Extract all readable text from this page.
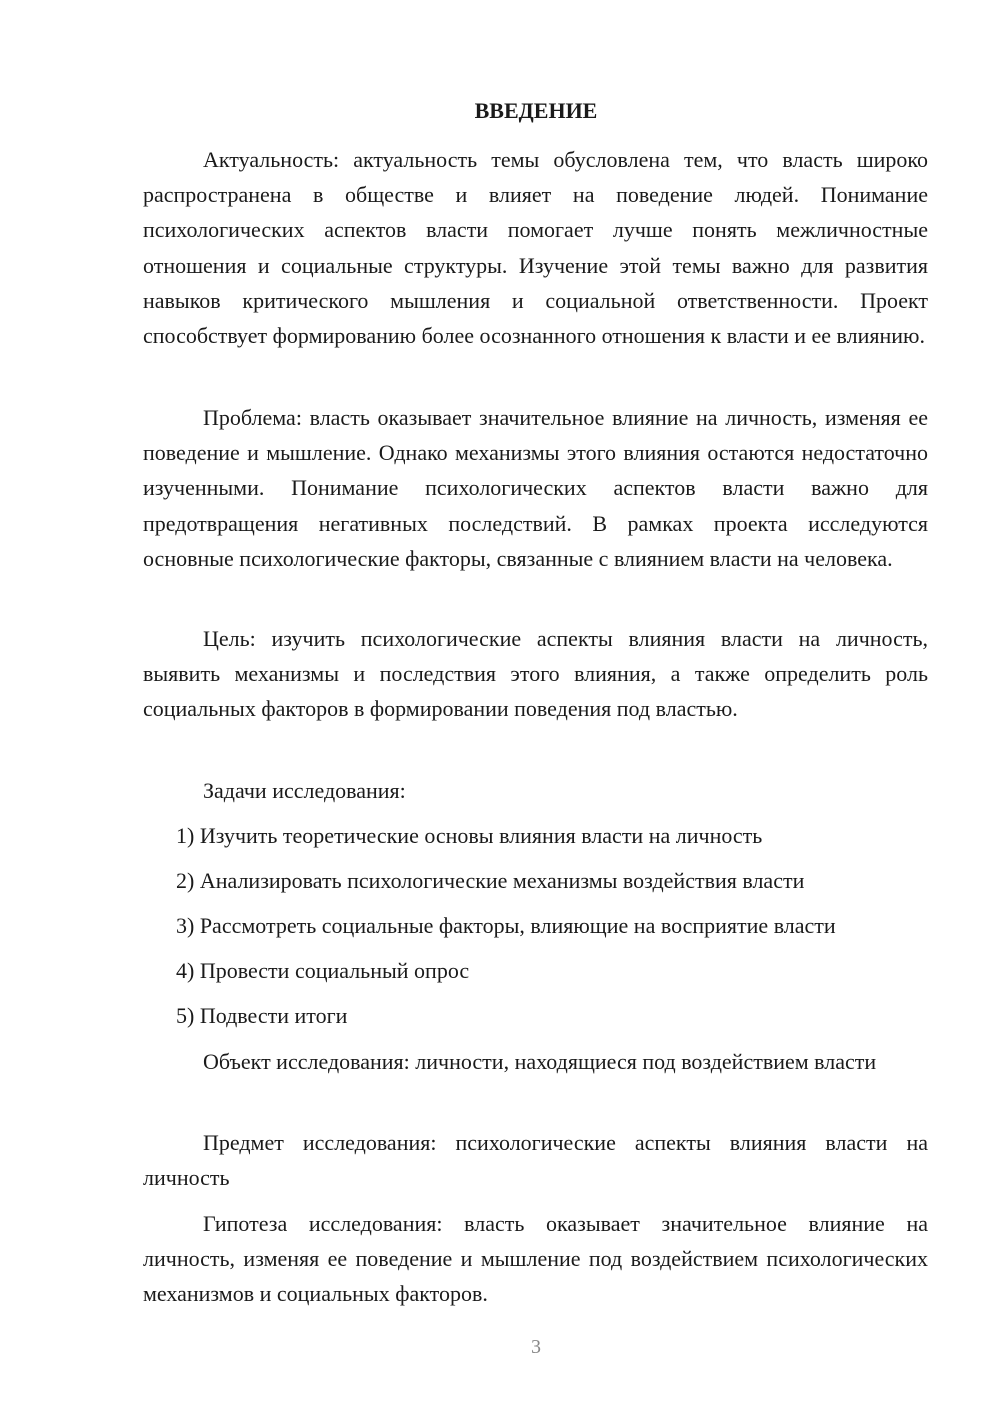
ВВЕДЕНИЕ

Актуальность: актуальность темы обусловлена тем, что власть широко распространена в обществе и влияет на поведение людей. Понимание психологических аспектов власти помогает лучше понять межличностные отношения и социальные структуры. Изучение этой темы важно для развития навыков критического мышления и социальной ответственности. Проект способствует формированию более осознанного отношения к власти и ее влиянию.

Проблема: власть оказывает значительное влияние на личность, изменяя ее поведение и мышление. Однако механизмы этого влияния остаются недостаточно изученными. Понимание психологических аспектов власти важно для предотвращения негативных последствий. В рамках проекта исследуются основные психологические факторы, связанные с влиянием власти на человека.

Цель: изучить психологические аспекты влияния власти на личность, выявить механизмы и последствия этого влияния, а также определить роль социальных факторов в формировании поведения под властью.

Задачи исследования:

1) Изучить теоретические основы влияния власти на личность

2) Анализировать психологические механизмы воздействия власти

3) Рассмотреть социальные факторы, влияющие на восприятие власти

4) Провести социальный опрос

5) Подвести итоги

Объект исследования: личности, находящиеся под воздействием власти

Предмет исследования: психологические аспекты влияния власти на личность

Гипотеза исследования: власть оказывает значительное влияние на личность, изменяя ее поведение и мышление под воздействием психологических механизмов и социальных факторов.

3
